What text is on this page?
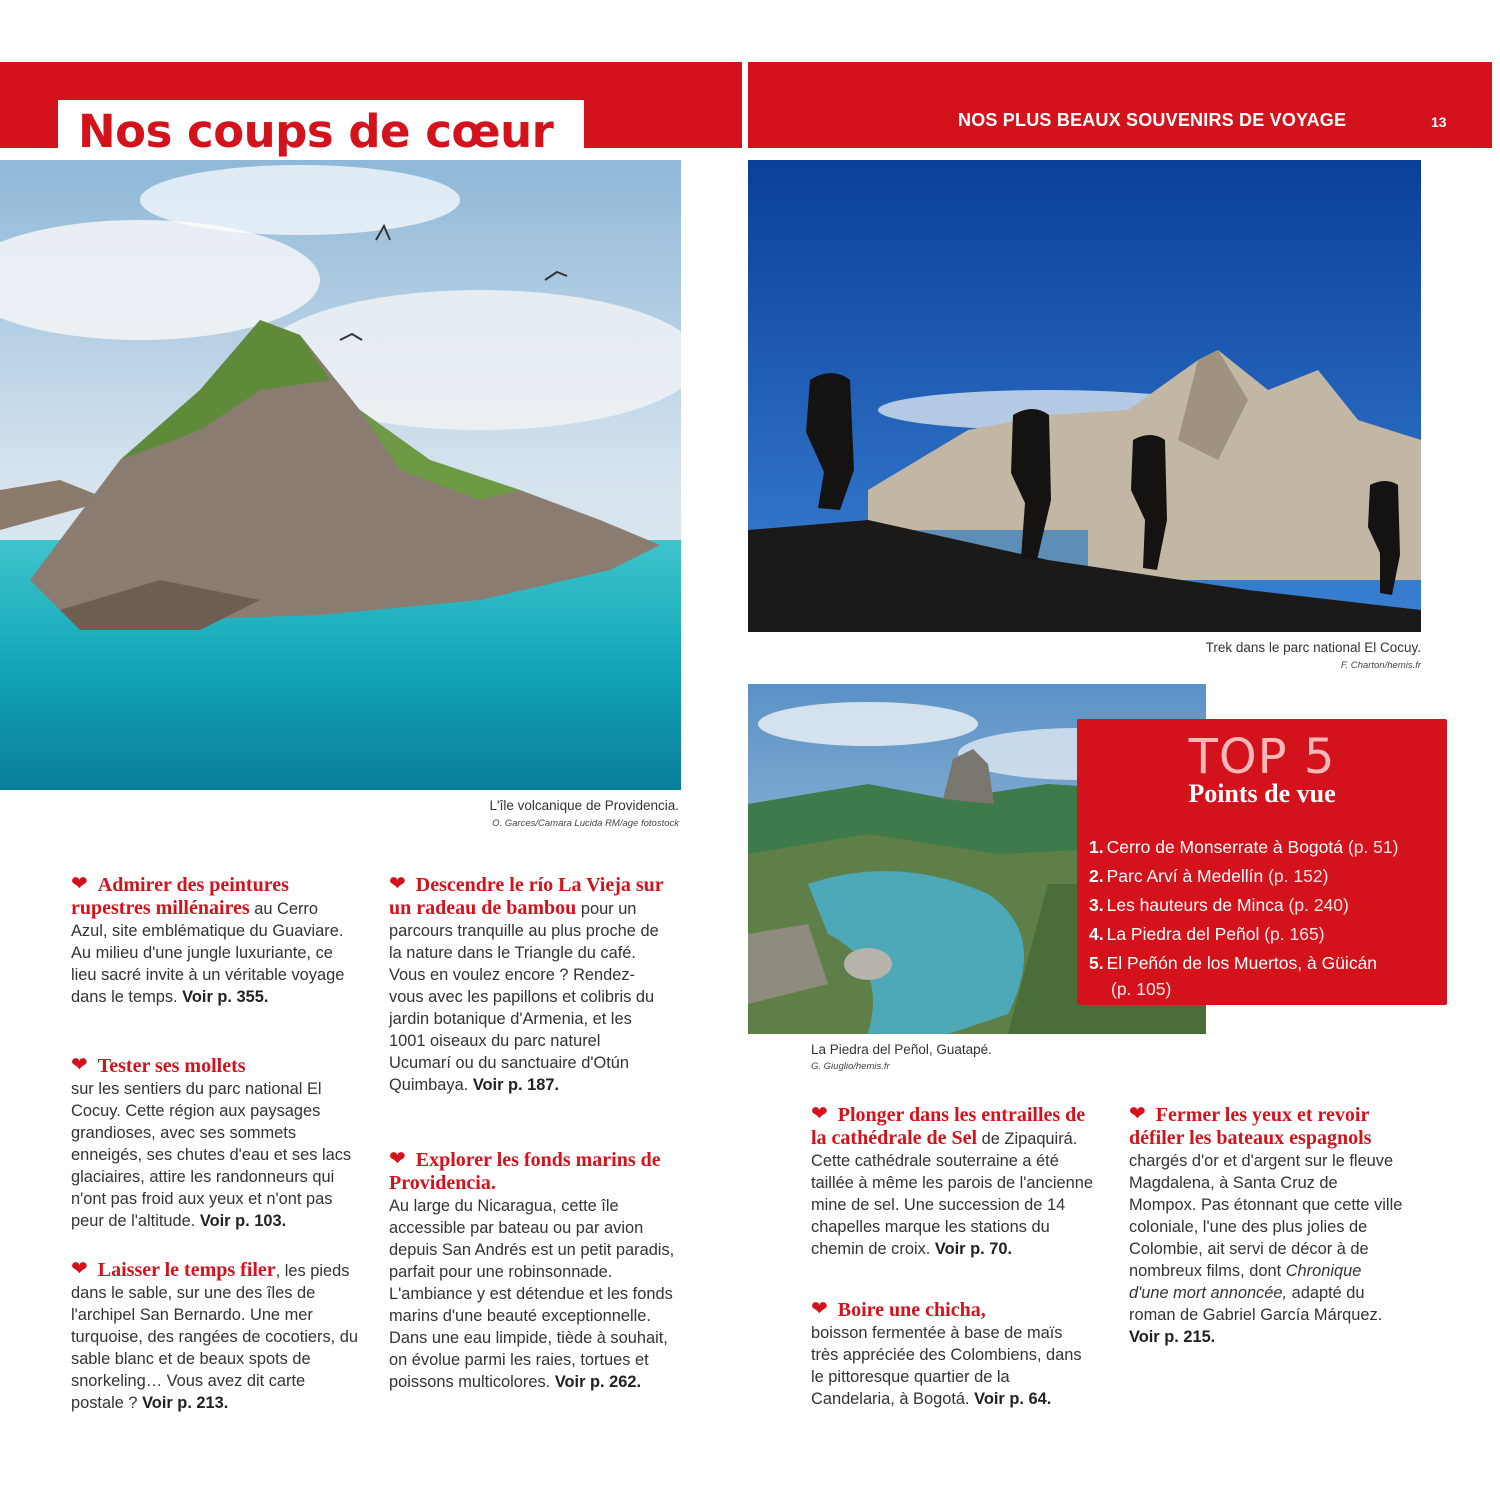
Nos coups de cœur	NOS PLUS BEAUX SOUVENIRS DE VOYAGE	13
L'île volcanique de Providencia.
O. Garces/Camara Lucida RM/age fotostock
Trek dans le parc national El Cocuy.
F. Charton/hemis.fr
La Piedra del Peñol, Guatapé.
G. Giuglio/hemis.fr
TOP 5
Points de vue
1. Cerro de Monserrate à Bogotá (p. 51)
2. Parc Arví à Medellín (p. 152)
3. Les hauteurs de Minca (p. 240)
4. La Piedra del Peñol (p. 165)
5. El Peñón de los Muertos, à Güicán
(p. 105)

❤ Admirer des peintures rupestres millénaires au Cerro Azul, site emblématique du Guaviare. Au milieu d'une jungle luxuriante, ce lieu sacré invite à un véritable voyage dans le temps. Voir p. 355.

❤ Tester ses mollets
sur les sentiers du parc national El Cocuy. Cette région aux paysages grandioses, avec ses sommets enneigés, ses chutes d'eau et ses lacs glaciaires, attire les randonneurs qui n'ont pas froid aux yeux et n'ont pas peur de l'altitude. Voir p. 103.

❤ Laisser le temps filer, les pieds dans le sable, sur une des îles de l'archipel San Bernardo. Une mer turquoise, des rangées de cocotiers, du sable blanc et de beaux spots de snorkeling… Vous avez dit carte postale ? Voir p. 213.

❤ Descendre le río La Vieja sur un radeau de bambou pour un parcours tranquille au plus proche de la nature dans le Triangle du café. Vous en voulez encore ? Rendez-vous avec les papillons et colibris du jardin botanique d'Armenia, et les 1001 oiseaux du parc naturel Ucumarí ou du sanctuaire d'Otún Quimbaya. Voir p. 187.

❤ Explorer les fonds marins de Providencia.
Au large du Nicaragua, cette île accessible par bateau ou par avion depuis San Andrés est un petit paradis, parfait pour une robinsonnade. L'ambiance y est détendue et les fonds marins d'une beauté exceptionnelle. Dans une eau limpide, tiède à souhait, on évolue parmi les raies, tortues et poissons multicolores. Voir p. 262.

❤ Plonger dans les entrailles de la cathédrale de Sel de Zipaquirá. Cette cathédrale souterraine a été taillée à même les parois de l'ancienne mine de sel. Une succession de 14 chapelles marque les stations du chemin de croix. Voir p. 70.

❤ Boire une chicha,
boisson fermentée à base de maïs très appréciée des Colombiens, dans le pittoresque quartier de la Candelaria, à Bogotá. Voir p. 64.

❤ Fermer les yeux et revoir défiler les bateaux espagnols chargés d'or et d'argent sur le fleuve Magdalena, à Santa Cruz de Mompox. Pas étonnant que cette ville coloniale, l'une des plus jolies de Colombie, ait servi de décor à de nombreux films, dont Chronique d'une mort annoncée, adapté du roman de Gabriel García Márquez. Voir p. 215.
